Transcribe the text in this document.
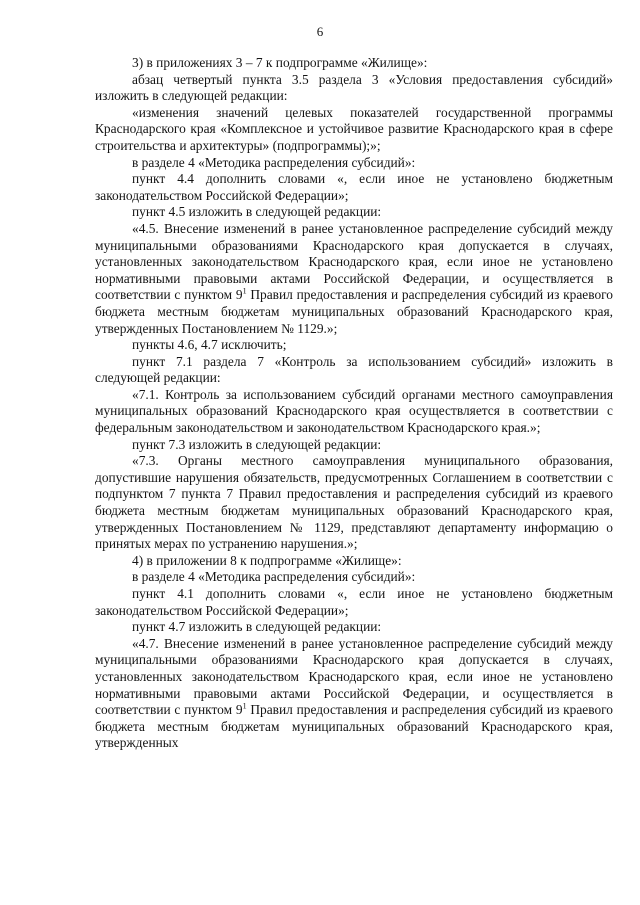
6

3) в приложениях 3 – 7 к подпрограмме «Жилище»:

абзац четвертый пункта 3.5 раздела 3 «Условия предоставления субсидий» изложить в следующей редакции:

«изменения значений целевых показателей государственной программы Краснодарского края «Комплексное и устойчивое развитие Краснодарского края в сфере строительства и архитектуры» (подпрограммы);»;

в разделе 4 «Методика распределения субсидий»:

пункт 4.4 дополнить словами «, если иное не установлено бюджетным законодательством Российской Федерации»;

пункт 4.5 изложить в следующей редакции:

«4.5. Внесение изменений в ранее установленное распределение субсидий между муниципальными образованиями Краснодарского края допускается в случаях, установленных законодательством Краснодарского края, если иное не установлено нормативными правовыми актами Российской Федерации, и осуществляется в соответствии с пунктом $9^1$ Правил предоставления и распределения субсидий из краевого бюджета местным бюджетам муниципальных образований Краснодарского края, утвержденных Постановлением № 1129.»;

пункты 4.6, 4.7 исключить;

пункт 7.1 раздела 7 «Контроль за использованием субсидий» изложить в следующей редакции:

«7.1. Контроль за использованием субсидий органами местного самоуправления муниципальных образований Краснодарского края осуществляется в соответствии с федеральным законодательством и законодательством Краснодарского края.»;

пункт 7.3 изложить в следующей редакции:

«7.3. Органы местного самоуправления муниципального образования, допустившие нарушения обязательств, предусмотренных Соглашением в соответствии с подпунктом 7 пункта 7 Правил предоставления и распределения субсидий из краевого бюджета местным бюджетам муниципальных образований Краснодарского края, утвержденных Постановлением № 1129, представляют департаменту информацию о принятых мерах по устранению нарушения.»;

4) в приложении 8 к подпрограмме «Жилище»:

в разделе 4 «Методика распределения субсидий»:

пункт 4.1 дополнить словами «, если иное не установлено бюджетным законодательством Российской Федерации»;

пункт 4.7 изложить в следующей редакции:

«4.7. Внесение изменений в ранее установленное распределение субсидий между муниципальными образованиями Краснодарского края допускается в случаях, установленных законодательством Краснодарского края, если иное не установлено нормативными правовыми актами Российской Федерации, и осуществляется в соответствии с пунктом $9^1$ Правил предоставления и распределения субсидий из краевого бюджета местным бюджетам муниципальных образований Краснодарского края, утвержденных
